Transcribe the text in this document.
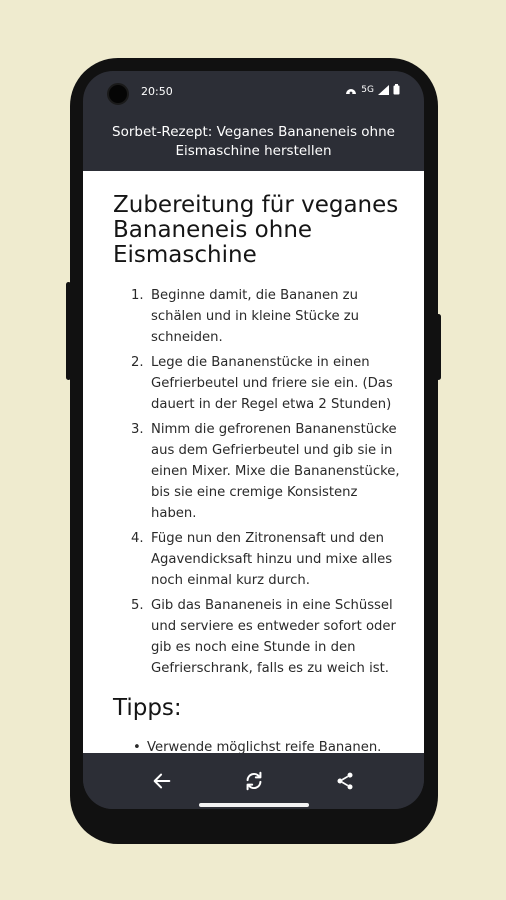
20:50	5G
Sorbet-Rezept: Veganes Bananeneis ohne Eismaschine herstellen
Zubereitung für veganes Bananeneis ohne Eismaschine
1. Beginne damit, die Bananen zu schälen und in kleine Stücke zu schneiden.
2. Lege die Bananenstücke in einen Gefrierbeutel und friere sie ein. (Das dauert in der Regel etwa 2 Stunden)
3. Nimm die gefrorenen Bananenstücke aus dem Gefrierbeutel und gib sie in einen Mixer. Mixe die Bananenstücke, bis sie eine cremige Konsistenz haben.
4. Füge nun den Zitronensaft und den Agavendicksaft hinzu und mixe alles noch einmal kurz durch.
5. Gib das Bananeneis in eine Schüssel und serviere es entweder sofort oder gib es noch eine Stunde in den Gefrierschrank, falls es zu weich ist.
Tipps:
• Verwende möglichst reife Bananen.
